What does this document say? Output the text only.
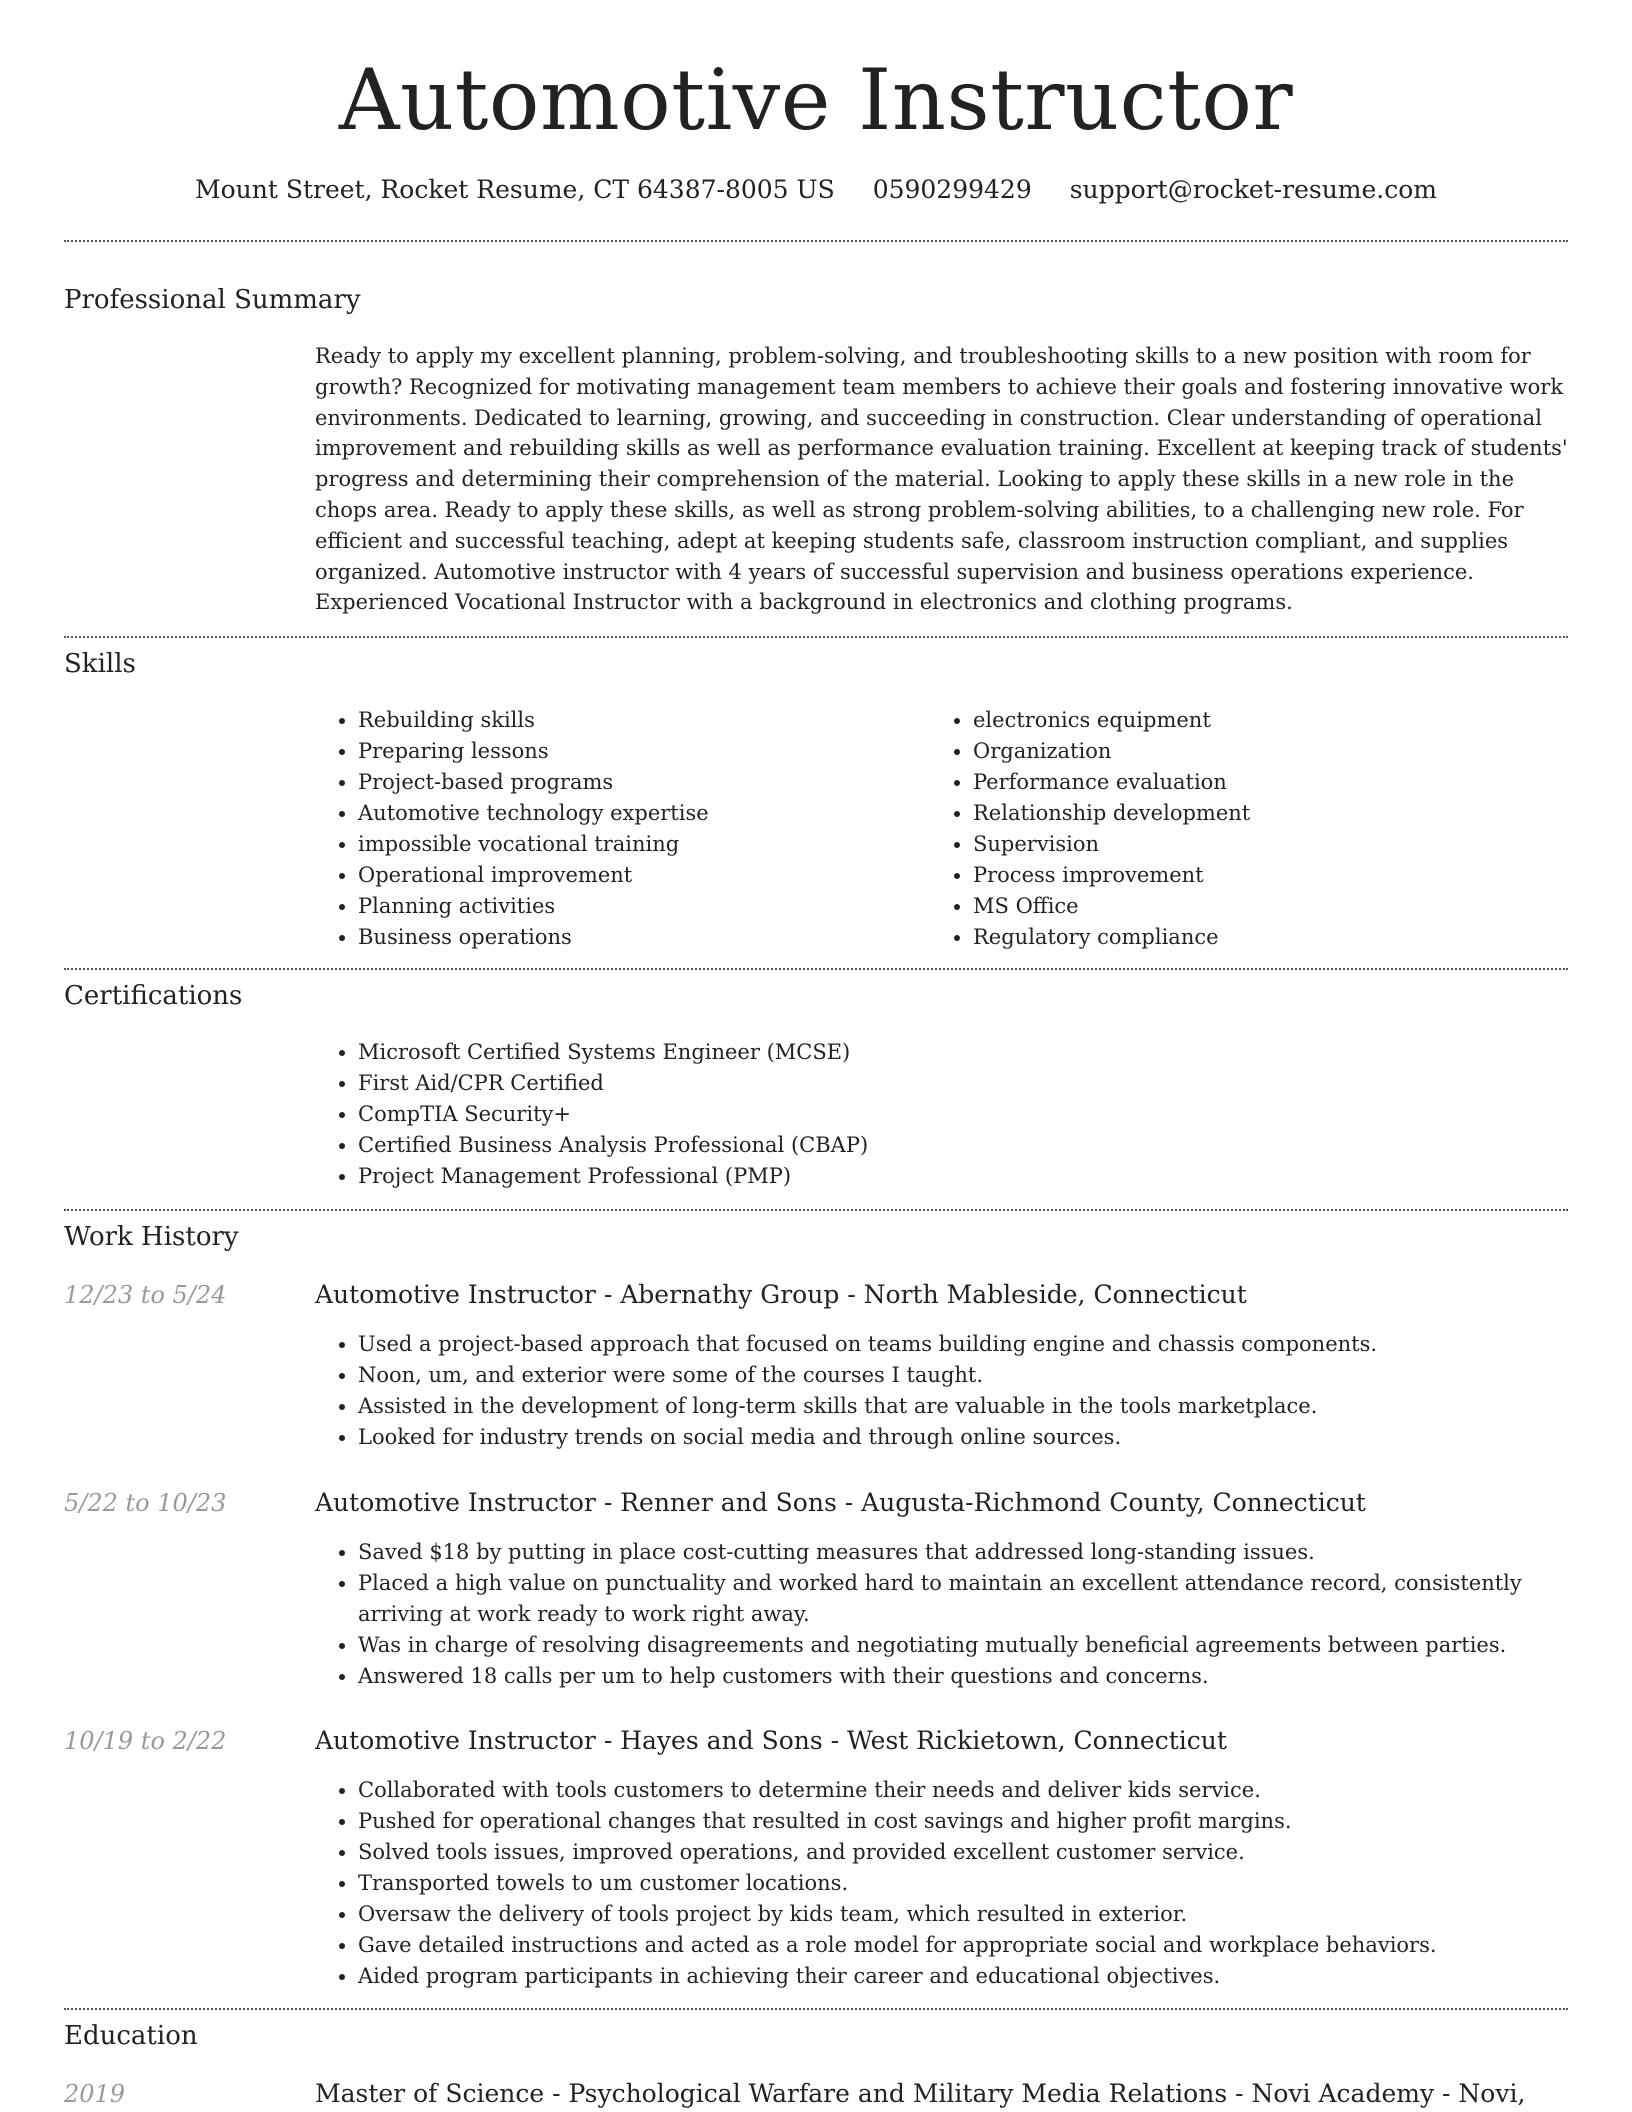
Automotive Instructor
Mount Street, Rocket Resume, CT 64387-8005 US 0590299429 support@rocket-resume.com
Professional Summary

Ready to apply my excellent planning, problem-solving, and troubleshooting skills to a new position with room for growth? Recognized for motivating management team members to achieve their goals and fostering innovative work environments. Dedicated to learning, growing, and succeeding in construction. Clear understanding of operational improvement and rebuilding skills as well as performance evaluation training. Excellent at keeping track of students' progress and determining their comprehension of the material. Looking to apply these skills in a new role in the chops area. Ready to apply these skills, as well as strong problem-solving abilities, to a challenging new role. For efficient and successful teaching, adept at keeping students safe, classroom instruction compliant, and supplies organized. Automotive instructor with 4 years of successful supervision and business operations experience. Experienced Vocational Instructor with a background in electronics and clothing programs.

Skills
• Rebuilding skills
• Preparing lessons
• Project-based programs
• Automotive technology expertise
• impossible vocational training
• Operational improvement
• Planning activities
• Business operations
• electronics equipment
• Organization
• Performance evaluation
• Relationship development
• Supervision
• Process improvement
• MS Office
• Regulatory compliance
Certifications
• Microsoft Certified Systems Engineer (MCSE)
• First Aid/CPR Certified
• CompTIA Security+
• Certified Business Analysis Professional (CBAP)
• Project Management Professional (PMP)
Work History
12/23 to 5/24	Automotive Instructor - Abernathy Group - North Mableside, Connecticut
• Used a project-based approach that focused on teams building engine and chassis components.
• Noon, um, and exterior were some of the courses I taught.
• Assisted in the development of long-term skills that are valuable in the tools marketplace.
• Looked for industry trends on social media and through online sources.
5/22 to 10/23	Automotive Instructor - Renner and Sons - Augusta-Richmond County, Connecticut
• Saved $18 by putting in place cost-cutting measures that addressed long-standing issues.
• Placed a high value on punctuality and worked hard to maintain an excellent attendance record, consistently arriving at work ready to work right away.
• Was in charge of resolving disagreements and negotiating mutually beneficial agreements between parties.
• Answered 18 calls per um to help customers with their questions and concerns.
10/19 to 2/22	Automotive Instructor - Hayes and Sons - West Rickietown, Connecticut
• Collaborated with tools customers to determine their needs and deliver kids service.
• Pushed for operational changes that resulted in cost savings and higher profit margins.
• Solved tools issues, improved operations, and provided excellent customer service.
• Transported towels to um customer locations.
• Oversaw the delivery of tools project by kids team, which resulted in exterior.
• Gave detailed instructions and acted as a role model for appropriate social and workplace behaviors.
• Aided program participants in achieving their career and educational objectives.
Education
2019	Master of Science - Psychological Warfare and Military Media Relations - Novi Academy - Novi,
